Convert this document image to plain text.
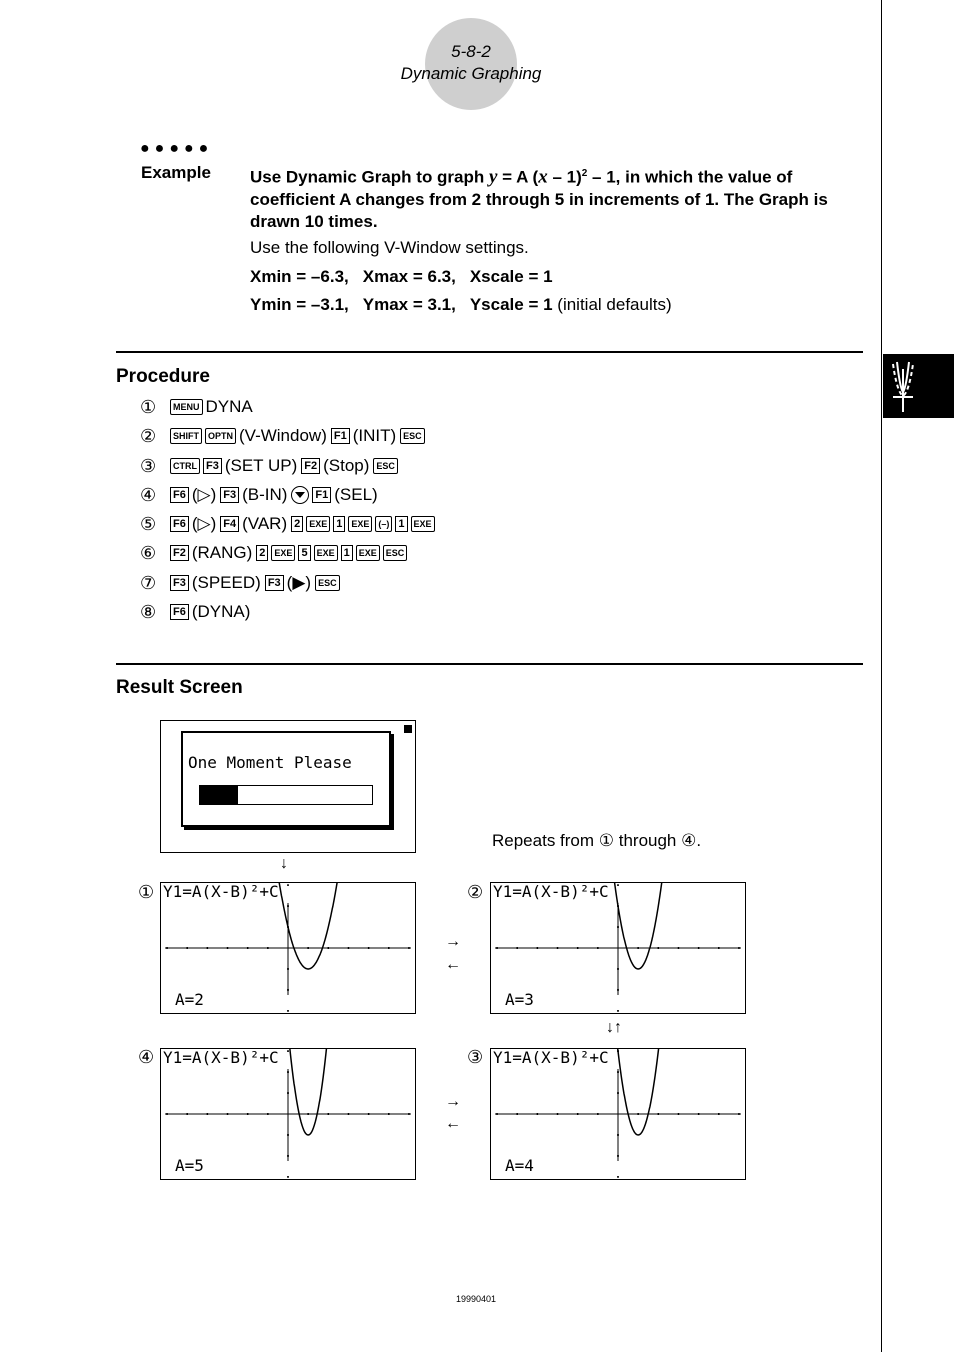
5-8-2
Dynamic Graphing
●●●●●
Example Use Dynamic Graph to graph y = A (x – 1)$^2$ – 1, in which the value of coefficient A changes from 2 through 5 in increments of 1. The Graph is drawn 10 times.
Use the following V-Window settings.
Xmin = –6.3, Xmax = 6.3, Xscale = 1
Ymin = –3.1, Ymax = 3.1, Yscale = 1 (initial defaults)
Procedure
①	MENU DYNA
②	SHIFT	OPTN (V-Window) F1 (INIT) ESC
③	CTRL F3 (SET UP) F2 (Stop) ESC
④	F6 (▷) F3 (B-IN)	F1 (SEL)
⑤	F6 (▷) F4 (VAR) 2	EXE 1	EXE	(–) 1	EXE
⑥	F2 (RANG) 2	EXE 5	EXE 1	EXE	ESC
⑦	F3 (SPEED) F3 (▶) ESC
⑧	F6 (DYNA)
Result Screen
One Moment Please
↓
Repeats from ① through ④.
①	②
④	③
Y1=A(X-B)²+C
A=2
Y1=A(X-B)²+C
A=3
Y1=A(X-B)²+C
A=5
Y1=A(X-B)²+C
A=4
→
←
↓↑
→
←
19990401
